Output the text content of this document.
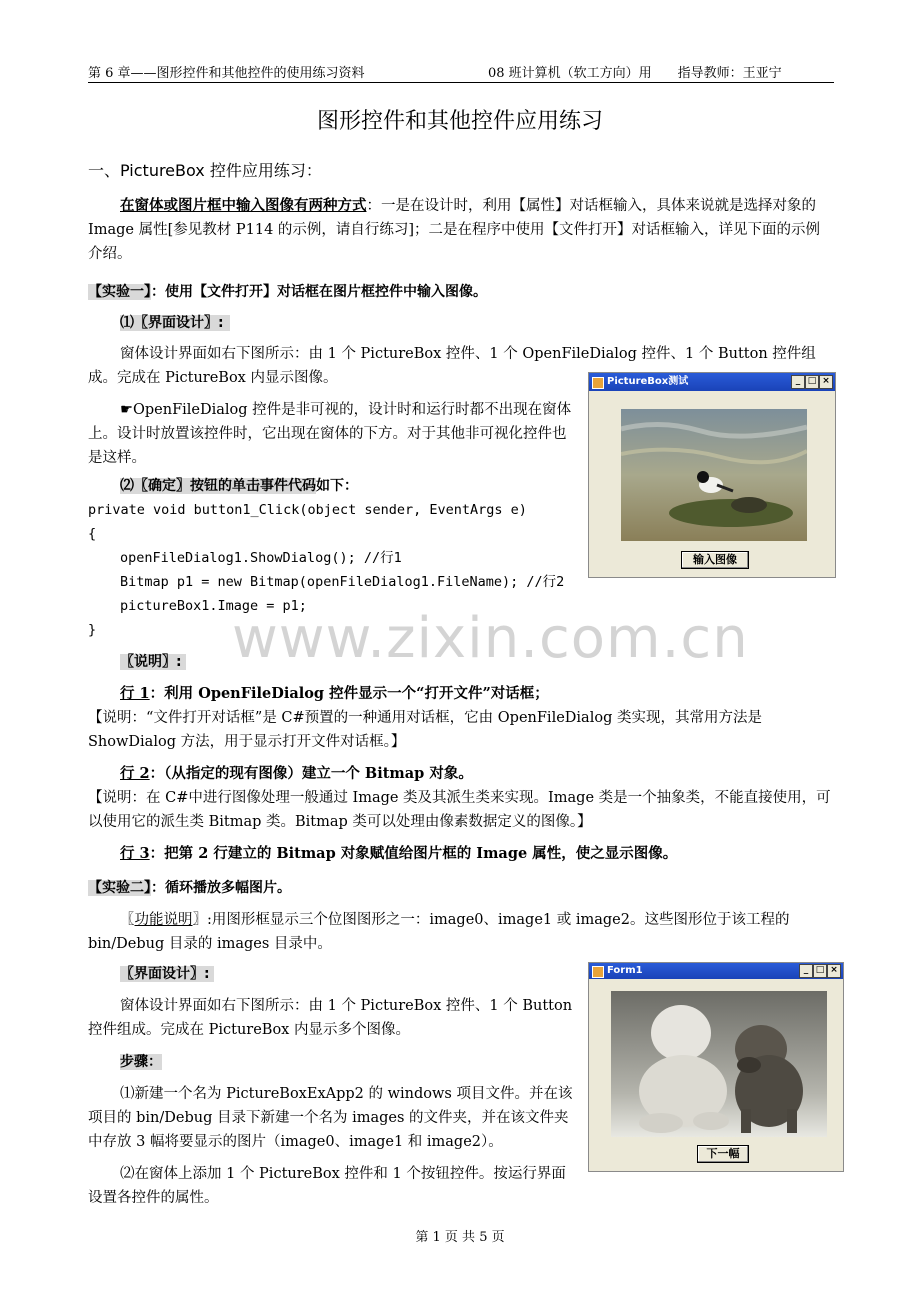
第 6 章——图形控件和其他控件的使用练习资料	08 班计算机（软工方向）用　　指导教师：王亚宁
图形控件和其他控件应用练习
一、PictureBox 控件应用练习：
在窗体或图片框中输入图像有两种方式：一是在设计时，利用【属性】对话框输入，具体来说就是选择对象的 Image 属性[参见教材 P114 的示例，请自行练习]；二是在程序中使用【文件打开】对话框输入，详见下面的示例介绍。
【实验一】：使用【文件打开】对话框在图片框控件中输入图像。
⑴〖界面设计〗:
窗体设计界面如右下图所示：由 1 个 PictureBox 控件、1 个 OpenFileDialog 控件、1 个 Button 控件组成。完成在 PictureBox 内显示图像。
☛OpenFileDialog 控件是非可视的，设计时和运行时都不出现在窗体上。设计时放置该控件时，它出现在窗体的下方。对于其他非可视化控件也是这样。
⑵〖确定〗按钮的单击事件代码如下：
private void button1_Click(object sender, EventArgs e)
{
openFileDialog1.ShowDialog(); //行1
Bitmap p1 = new Bitmap(openFileDialog1.FileName); //行2
pictureBox1.Image = p1;
}
PictureBox测试	_ □ ×
输入图像
〖说明〗:
行 1：利用 OpenFileDialog 控件显示一个“打开文件”对话框；
【说明：“文件打开对话框”是 C#预置的一种通用对话框，它由 OpenFileDialog 类实现，其常用方法是 ShowDialog 方法，用于显示打开文件对话框。】
行 2：（从指定的现有图像）建立一个 Bitmap 对象。
【说明：在 C#中进行图像处理一般通过 Image 类及其派生类来实现。Image 类是一个抽象类，不能直接使用，可以使用它的派生类 Bitmap 类。Bitmap 类可以处理由像素数据定义的图像。】
行 3：把第 2 行建立的 Bitmap 对象赋值给图片框的 Image 属性，使之显示图像。
【实验二】：循环播放多幅图片。
〖功能说明〗:用图形框显示三个位图图形之一：image0、image1 或 image2。这些图形位于该工程的 bin/Debug 目录的 images 目录中。
〖界面设计〗:
窗体设计界面如右下图所示：由 1 个 PictureBox 控件、1 个 Button 控件组成。完成在 PictureBox 内显示多个图像。
步骤：
⑴新建一个名为 PictureBoxExApp2 的 windows 项目文件。并在该项目的 bin/Debug 目录下新建一个名为 images 的文件夹，并在该文件夹中存放 3 幅将要显示的图片（image0、image1 和 image2）。
⑵在窗体上添加 1 个 PictureBox 控件和 1 个按钮控件。按运行界面设置各控件的属性。
Form1	_ □ ×
下一幅
www.zixin.com.cn
第 1 页 共 5 页
